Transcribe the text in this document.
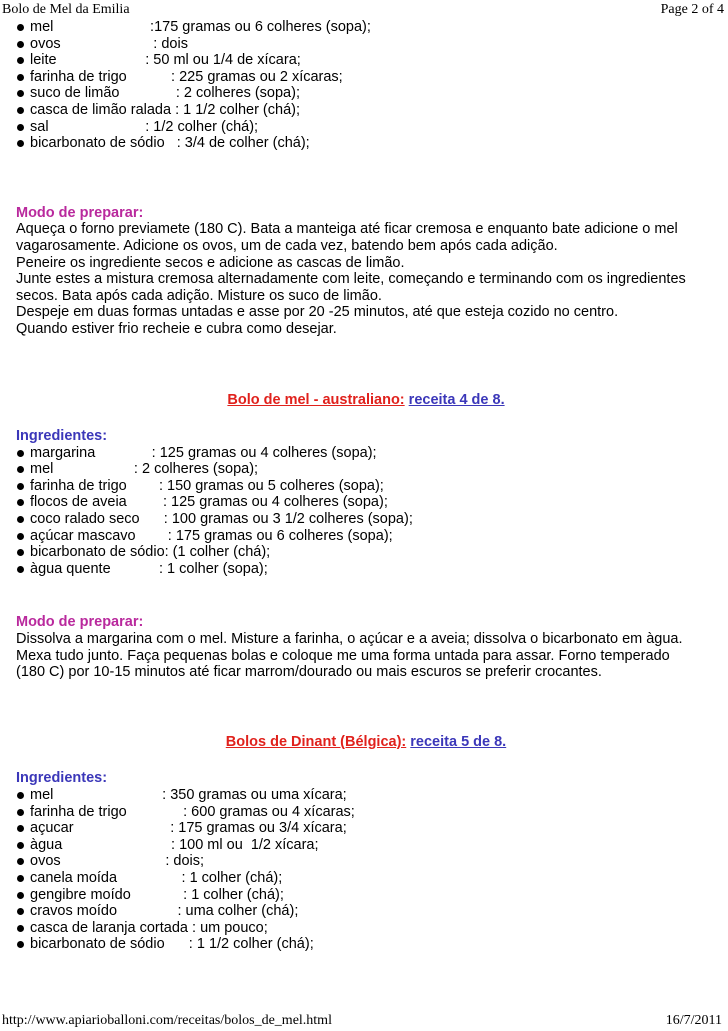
Bolo de Mel da Emilia	Page 2 of 4
mel                        :175 gramas ou 6 colheres (sopa);
ovos                       : dois
leite                      : 50 ml ou 1/4 de xícara;
farinha de trigo           : 225 gramas ou 2 xícaras;
suco de limão              : 2 colheres (sopa);
casca de limão ralada : 1 1/2 colher (chá);
sal                        : 1/2 colher (chá);
bicarbonato de sódio   : 3/4 de colher (chá);
Modo de preparar:
Aqueça o forno previamete (180 C). Bata a manteiga até ficar cremosa e enquanto bate adicione o mel
vagarosamente. Adicione os ovos, um de cada vez, batendo bem após cada adição.
Peneire os ingrediente secos e adicione as cascas de limão.
Junte estes a mistura cremosa alternadamente com leite, começando e terminando com os ingredientes
secos. Bata após cada adição. Misture os suco de limão.
Despeje em duas formas untadas e asse por 20 -25 minutos, até que esteja cozido no centro.
Quando estiver frio recheie e cubra como desejar.
Bolo de mel - australiano: receita 4 de 8.
Ingredientes:
margarina              : 125 gramas ou 4 colheres (sopa);
mel                    : 2 colheres (sopa);
farinha de trigo        : 150 gramas ou 5 colheres (sopa);
flocos de aveia         : 125 gramas ou 4 colheres (sopa);
coco ralado seco      : 100 gramas ou 3 1/2 colheres (sopa);
açúcar mascavo        : 175 gramas ou 6 colheres (sopa);
bicarbonato de sódio: (1 colher (chá);
àgua quente            : 1 colher (sopa);
Modo de preparar:
Dissolva a margarina com o mel. Misture a farinha, o açúcar e a aveia; dissolva o bicarbonato em àgua.
Mexa tudo junto. Faça pequenas bolas e coloque me uma forma untada para assar. Forno temperado
(180 C) por 10-15 minutos até ficar marrom/dourado ou mais escuros se preferir crocantes.
Bolos de Dinant (Bélgica): receita 5 de 8.
Ingredientes:
mel                           : 350 gramas ou uma xícara;
farinha de trigo              : 600 gramas ou 4 xícaras;
açucar                        : 175 gramas ou 3/4 xícara;
àgua                           : 100 ml ou  1/2 xícara;
ovos                          : dois;
canela moída                : 1 colher (chá);
gengibre moído             : 1 colher (chá);
cravos moído               : uma colher (chá);
casca de laranja cortada : um pouco;
bicarbonato de sódio      : 1 1/2 colher (chá);
http://www.apiarioballoni.com/receitas/bolos_de_mel.html	16/7/2011
